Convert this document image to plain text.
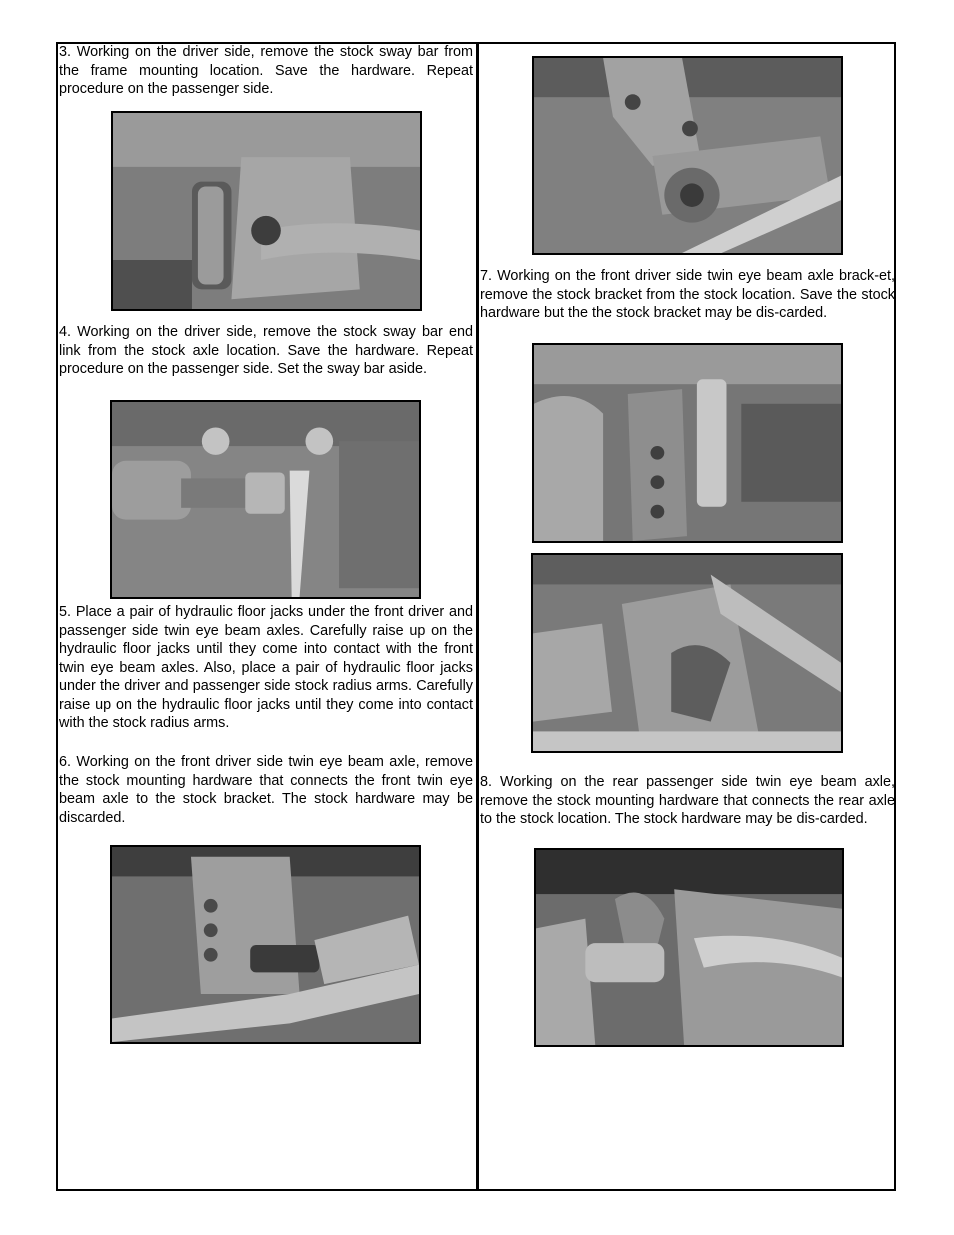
3. Working on the driver side, remove the stock sway bar from the frame mounting location. Save the hardware. Repeat procedure on the passenger side.

4. Working on the driver side, remove the stock sway bar end link from the stock axle location. Save the hardware. Repeat procedure on the passenger side. Set the sway bar aside.

5. Place a pair of hydraulic floor jacks under the front driver and passenger side twin eye beam axles. Carefully raise up on the hydraulic floor jacks until they come into contact with the front twin eye beam axles. Also, place a pair of hydraulic floor jacks under the driver and passenger side stock radius arms. Carefully raise up on the hydraulic floor jacks until they come into contact with the stock radius arms.

6. Working on the front driver side twin eye beam axle, remove the stock mounting hardware that connects the front twin eye beam axle to the stock bracket. The stock hardware may be discarded.

7. Working on the front driver side twin eye beam axle brack-et, remove the stock bracket from the stock location. Save the stock hardware but the the stock bracket may be dis-carded.

8. Working on the rear passenger side twin eye beam axle, remove the stock mounting hardware that connects the rear axle to the stock location. The stock hardware may be dis-carded.
